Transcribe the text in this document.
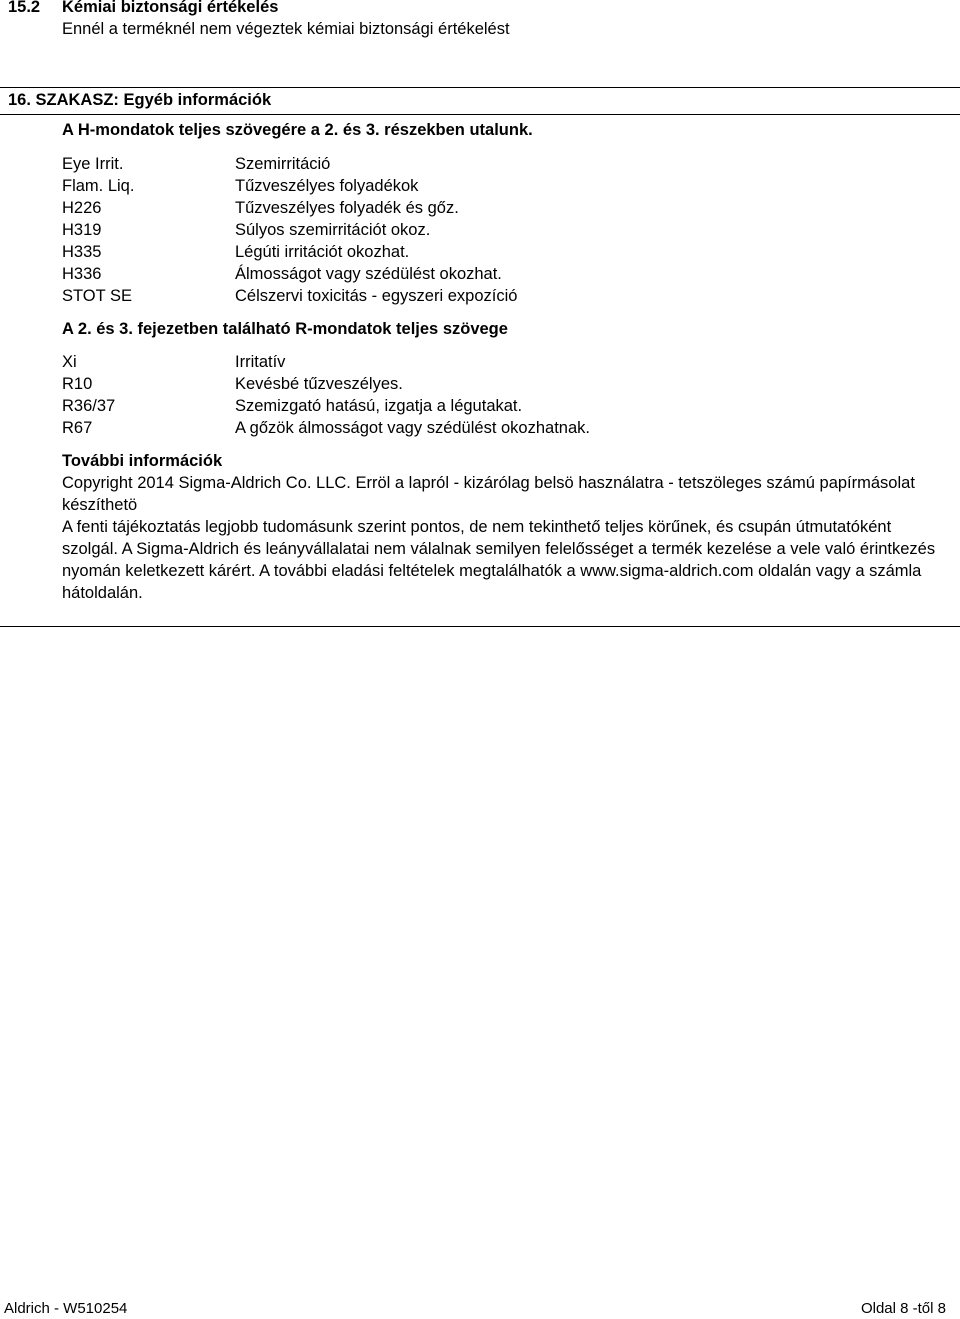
15.2 Kémiai biztonsági értékelés
Ennél a terméknél nem végeztek kémiai biztonsági értékelést
16. SZAKASZ: Egyéb információk
A H-mondatok teljes szövegére a 2. és 3. részekben utalunk.
Eye Irrit.	Szemirritáció
Flam. Liq.	Tűzveszélyes folyadékok
H226	Tűzveszélyes folyadék és gőz.
H319	Súlyos szemirritációt okoz.
H335	Légúti irritációt okozhat.
H336	Álmosságot vagy szédülést okozhat.
STOT SE	Célszervi toxicitás - egyszeri expozíció
A 2. és 3. fejezetben található R-mondatok teljes szövege
Xi	Irritatív
R10	Kevésbé tűzveszélyes.
R36/37	Szemizgató hatású, izgatja a légutakat.
R67	A gőzök álmosságot vagy szédülést okozhatnak.
További információk
Copyright 2014 Sigma-Aldrich Co. LLC. Erröl a lapról - kizárólag belsö használatra - tetszöleges számú papírmásolat készíthetö
A fenti tájékoztatás legjobb tudomásunk szerint pontos, de nem tekinthető teljes körűnek, és csupán útmutatóként szolgál. A Sigma-Aldrich és leányvállalatai nem válalnak semilyen felelősséget a termék kezelése a vele való érintkezés nyomán keletkezett kárért. A további eladási feltételek megtalálhatók a www.sigma-aldrich.com oldalán vagy a számla hátoldalán.
Aldrich - W510254	Oldal 8 -től 8
